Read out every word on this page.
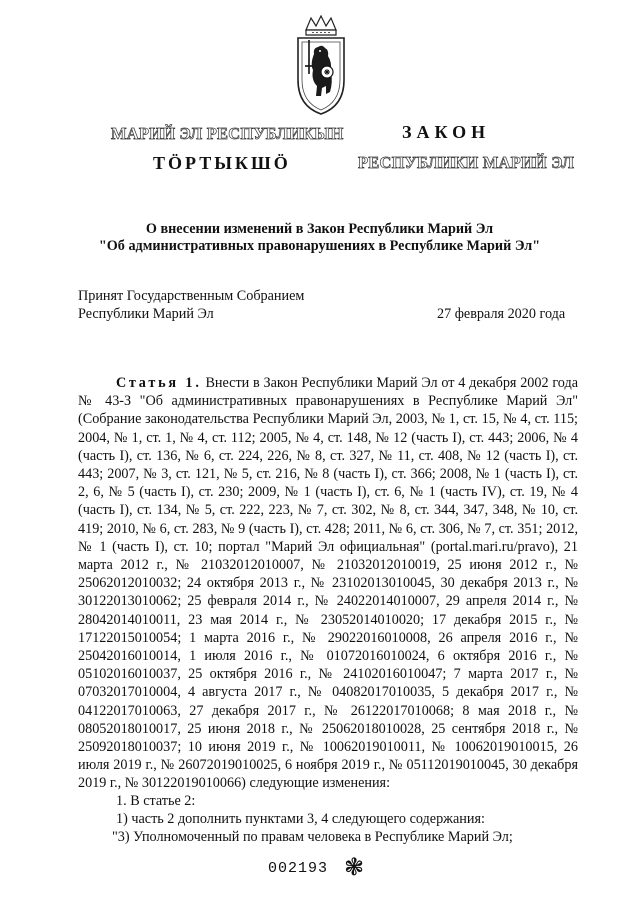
МАРИЙ ЭЛ РЕСПУБЛИКЫН	ЗАКОН
ТӦРТЫКШӦ	РЕСПУБЛИКИ МАРИЙ ЭЛ
О внесении изменений в Закон Республики Марий Эл
"Об административных правонарушениях в Республике Марий Эл"
Принят Государственным Собранием
Республики Марий Эл	27 февраля 2020 года
Статья 1. Внести в Закон Республики Марий Эл от 4 декабря 2002 года № 43-З "Об административных правонарушениях в Республике Марий Эл" (Собрание законодательства Республики Марий Эл, 2003, № 1, ст. 15, № 4, ст. 115; 2004, № 1, ст. 1, № 4, ст. 112; 2005, № 4, ст. 148, № 12 (часть I), ст. 443; 2006, № 4 (часть I), ст. 136, № 6, ст. 224, 226, № 8, ст. 327, № 11, ст. 408, № 12 (часть I), ст. 443; 2007, № 3, ст. 121, № 5, ст. 216, № 8 (часть I), ст. 366; 2008, № 1 (часть I), ст. 2, 6, № 5 (часть I), ст. 230; 2009, № 1 (часть I), ст. 6, № 1 (часть IV), ст. 19, № 4 (часть I), ст. 134, № 5, ст. 222, 223, № 7, ст. 302, № 8, ст. 344, 347, 348, № 10, ст. 419; 2010, № 6, ст. 283, № 9 (часть I), ст. 428; 2011, № 6, ст. 306, № 7, ст. 351; 2012, № 1 (часть I), ст. 10; портал "Марий Эл официальная" (portal.mari.ru/pravo), 21 марта 2012 г., № 21032012010007, № 21032012010019, 25 июня 2012 г., № 25062012010032; 24 октября 2013 г., № 23102013010045, 30 декабря 2013 г., № 30122013010062; 25 февраля 2014 г., № 24022014010007, 29 апреля 2014 г., № 28042014010011, 23 мая 2014 г., № 23052014010020; 17 декабря 2015 г., № 17122015010054; 1 марта 2016 г., № 29022016010008, 26 апреля 2016 г., № 25042016010014, 1 июля 2016 г., № 01072016010024, 6 октября 2016 г., № 05102016010037, 25 октября 2016 г., № 24102016010047; 7 марта 2017 г., № 07032017010004, 4 августа 2017 г., № 04082017010035, 5 декабря 2017 г., № 04122017010063, 27 декабря 2017 г., № 26122017010068; 8 мая 2018 г., № 08052018010017, 25 июня 2018 г., № 25062018010028, 25 сентября 2018 г., № 25092018010037; 10 июня 2019 г., № 10062019010011, № 10062019010015, 26 июля 2019 г., № 26072019010025, 6 ноября 2019 г., № 05112019010045, 30 декабря 2019 г., № 30122019010066) следующие изменения:
1. В статье 2:
1) часть 2 дополнить пунктами 3, 4 следующего содержания:
"3) Уполномоченный по правам человека в Республике Марий Эл;
002193 ❃
